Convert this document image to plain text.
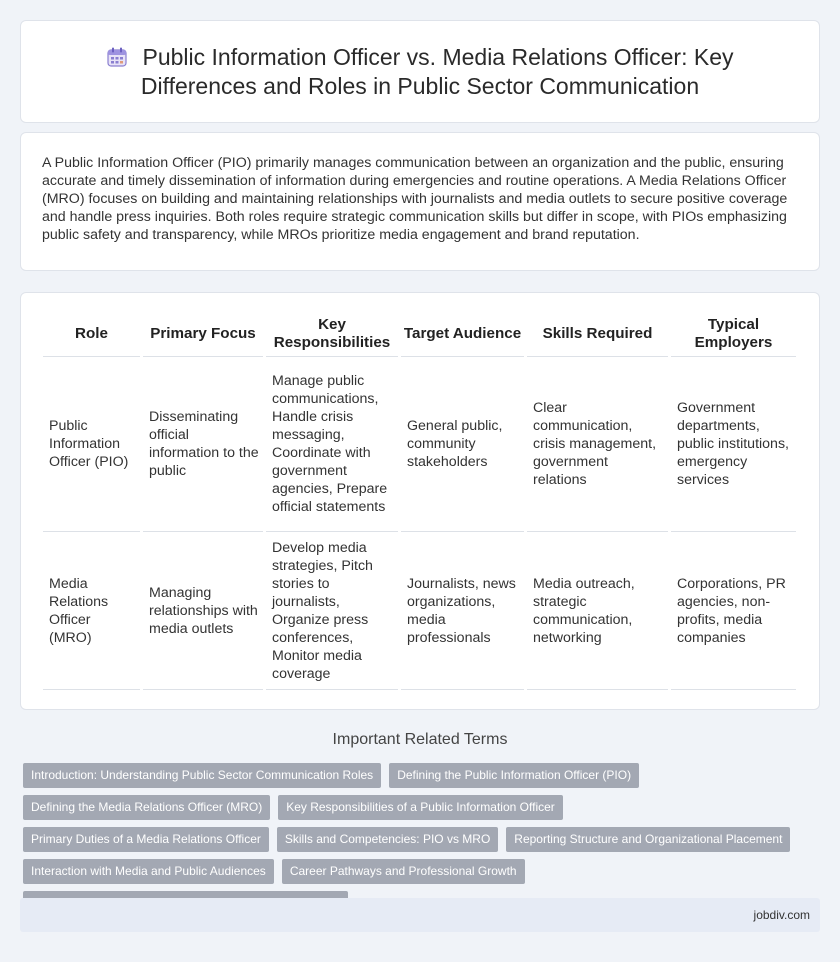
Public Information Officer vs. Media Relations Officer: Key Differences and Roles in Public Sector Communication

A Public Information Officer (PIO) primarily manages communication between an organization and the public, ensuring accurate and timely dissemination of information during emergencies and routine operations. A Media Relations Officer (MRO) focuses on building and maintaining relationships with journalists and media outlets to secure positive coverage and handle press inquiries. Both roles require strategic communication skills but differ in scope, with PIOs emphasizing public safety and transparency, while MROs prioritize media engagement and brand reputation.

Role	Primary Focus	Key Responsibilities	Target Audience	Skills Required	Typical Employers
Public Information Officer (PIO)	Disseminating official information to the public	Manage public communications, Handle crisis messaging, Coordinate with government agencies, Prepare official statements	General public, community stakeholders	Clear communication, crisis management, government relations	Government departments, public institutions, emergency services
Media Relations Officer (MRO)	Managing relationships with media outlets	Develop media strategies, Pitch stories to journalists, Organize press conferences, Monitor media coverage	Journalists, news organizations, media professionals	Media outreach, strategic communication, networking	Corporations, PR agencies, non-profits, media companies
Important Related Terms
Introduction: Understanding Public Sector Communication Roles	Defining the Public Information Officer (PIO)
Defining the Media Relations Officer (MRO)	Key Responsibilities of a Public Information Officer
Primary Duties of a Media Relations Officer	Skills and Competencies: PIO vs MRO	Reporting Structure and Organizational Placement
Interaction with Media and Public Audiences	Career Pathways and Professional Growth
jobdiv.com
